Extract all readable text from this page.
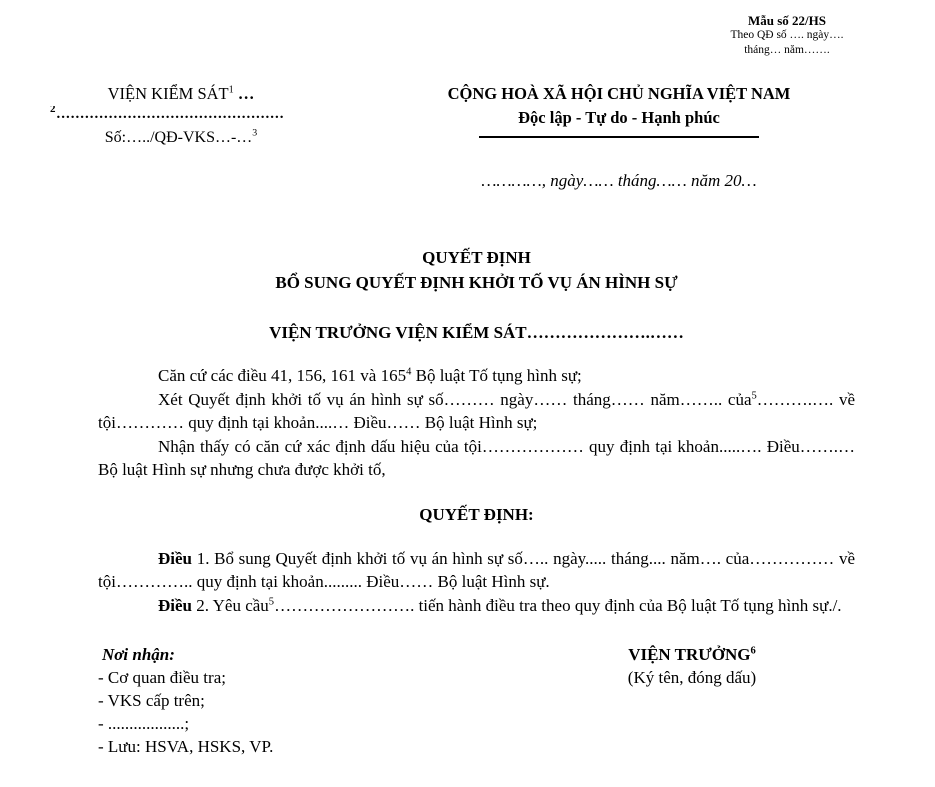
Mẫu số 22/HS
Theo QĐ số …. ngày….
tháng… năm…….
VIỆN KIỂM SÁT$^1$ …
$^2$................................................
Số:…../QĐ-VKS…-…$^3$
CỘNG HOÀ XÃ HỘI CHỦ NGHĨA VIỆT NAM
Độc lập - Tự do - Hạnh phúc
…………, ngày…… tháng…… năm 20…
QUYẾT ĐỊNH
BỔ SUNG QUYẾT ĐỊNH KHỞI TỐ VỤ ÁN HÌNH SỰ
VIỆN TRƯỞNG VIỆN KIỂM SÁT………………….……

Căn cứ các điều 41, 156, 161 và $165^4$ Bộ luật Tố tụng hình sự;

Xét Quyết định khởi tố vụ án hình sự số……… ngày…… tháng…… năm…….. của$^5$……….…. về tội………… quy định tại khoản....… Điều…… Bộ luật Hình sự;

Nhận thấy có căn cứ xác định dấu hiệu của tội……………… quy định tại khoản.....…. Điều…….… Bộ luật Hình sự nhưng chưa được khởi tố,

QUYẾT ĐỊNH:

Điều 1. Bổ sung Quyết định khởi tố vụ án hình sự số….. ngày..... tháng.... năm…. của…………… về tội………….. quy định tại khoản......... Điều…… Bộ luật Hình sự.

Điều 2. Yêu cầu$^5$……………………. tiến hành điều tra theo quy định của Bộ luật Tố tụng hình sự./.

Nơi nhận:
- Cơ quan điều tra;
- VKS cấp trên;
- ..................;
- Lưu: HSVA, HSKS, VP.
VIỆN TRƯỞNG$^6$
(Ký tên, đóng dấu)
